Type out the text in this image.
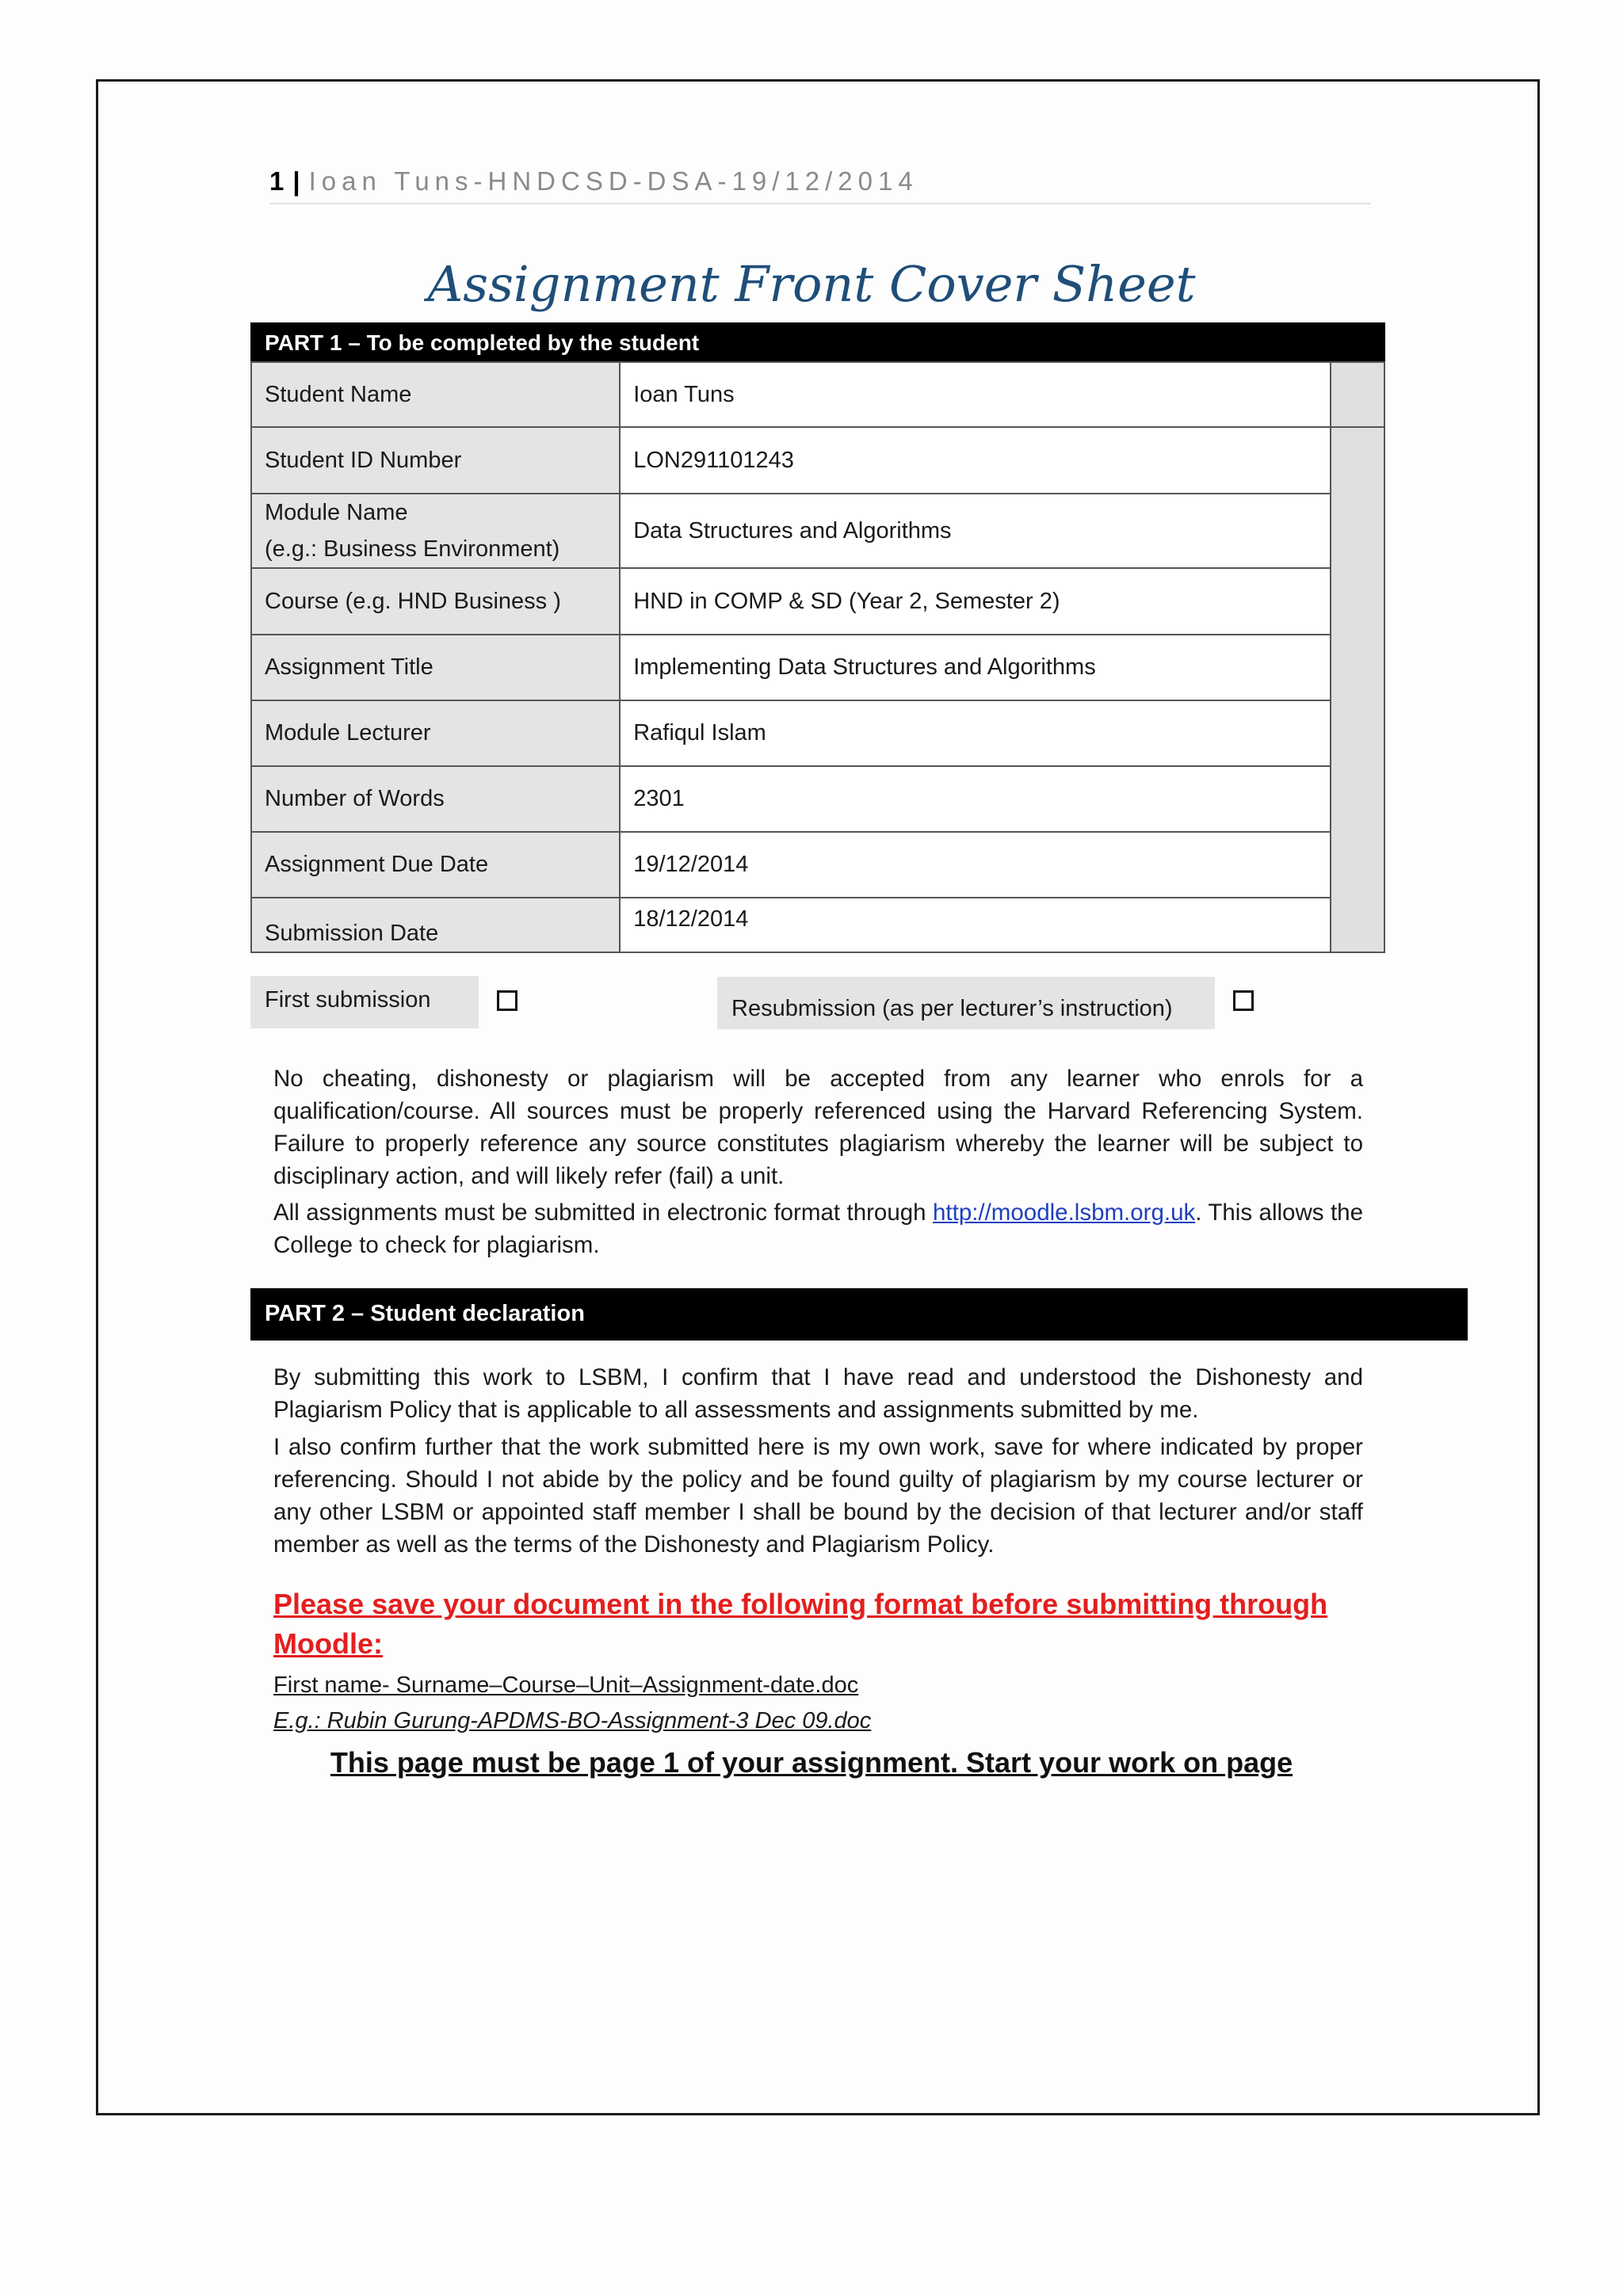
1 | Ioan Tuns-HNDCSD-DSA-19/12/2014
Assignment Front Cover Sheet
PART 1 – To be completed by the student
Student Name	Ioan Tuns	
Student ID Number	LON291101243	

Module Name
(e.g.: Business Environment)	Data Structures and Algorithms	
Course (e.g. HND Business )	HND in COMP & SD (Year 2, Semester 2)	
Assignment Title	Implementing Data Structures and Algorithms	
Module Lecturer	Rafiqul Islam	
Number of Words	2301	
Assignment Due Date	19/12/2014	
Submission Date	18/12/2014	
First submission	Resubmission (as per lecturer’s instruction)

No cheating, dishonesty or plagiarism will be accepted from any learner who enrols for a qualification/course. All sources must be properly referenced using the Harvard Referencing System. Failure to properly reference any source constitutes plagiarism whereby the learner will be subject to disciplinary action, and will likely refer (fail) a unit.

All assignments must be submitted in electronic format through http://moodle.lsbm.org.uk. This allows the College to check for plagiarism.

PART 2 – Student declaration

By submitting this work to LSBM, I confirm that I have read and understood the Dishonesty and Plagiarism Policy that is applicable to all assessments and assignments submitted by me.

I also confirm further that the work submitted here is my own work, save for where indicated by proper referencing. Should I not abide by the policy and be found guilty of plagiarism by my course lecturer or any other LSBM or appointed staff member I shall be bound by the decision of that lecturer and/or staff member as well as the terms of the Dishonesty and Plagiarism Policy.

Please save your document in the following format before submitting through Moodle:
First name- Surname–Course–Unit–Assignment-date.doc
E.g.: Rubin Gurung-APDMS-BO-Assignment-3 Dec 09.doc
This page must be page 1 of your assignment. Start your work on page
